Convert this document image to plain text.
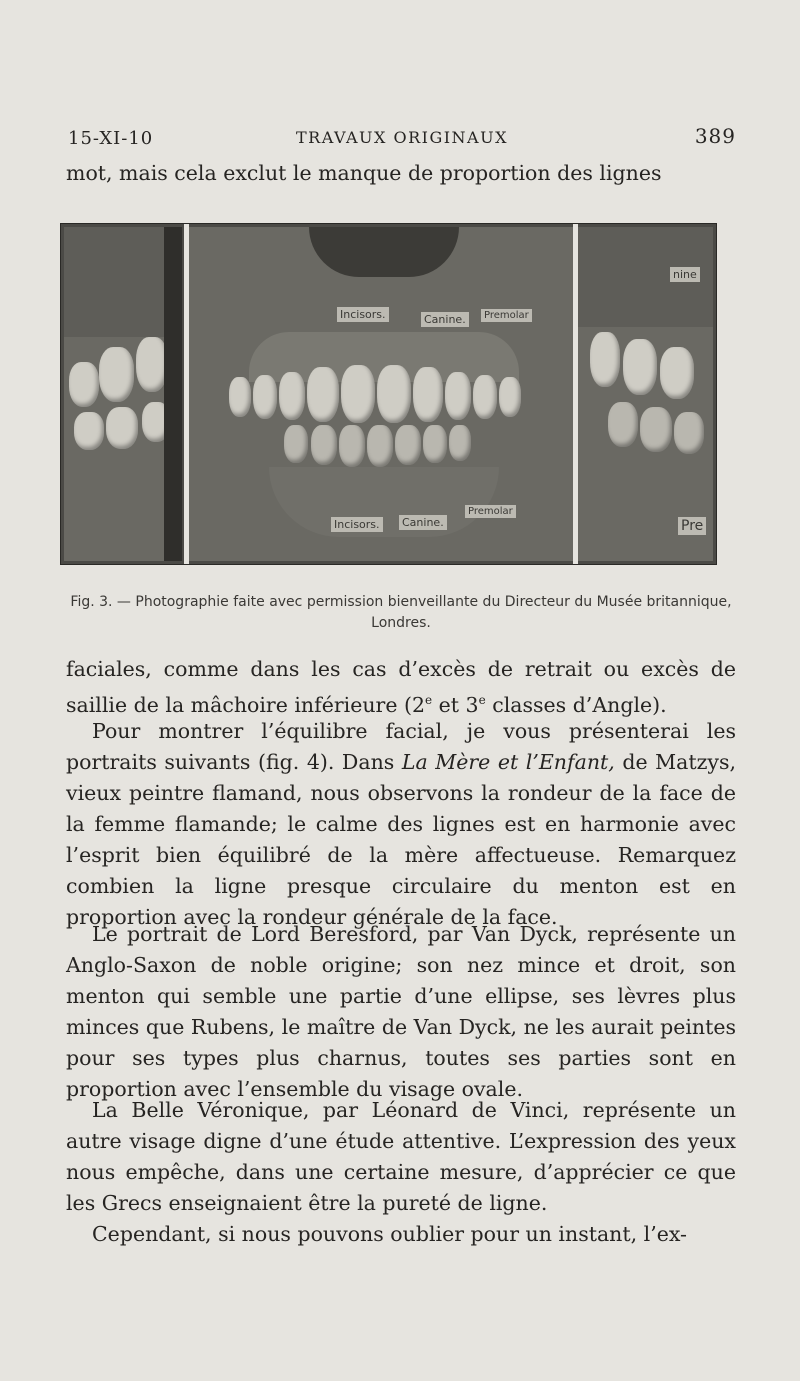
15-XI-10	TRAVAUX ORIGINAUX	389

mot, mais cela exclut le manque de proportion des lignes

Incisors.	Canine.	Premolar
Incisors. Canine.
Premolar
nine
Pre
Fig. 3. — Photographie faite avec permission bienveillante du Directeur du Musée britannique, Londres.

faciales, comme dans les cas d’excès de retrait ou excès de saillie de la mâchoire inférieure (2e et 3e classes d’Angle).

Pour montrer l’équilibre facial, je vous présenterai les portraits suivants (fig. 4). Dans La Mère et l’Enfant, de Matzys, vieux peintre flamand, nous observons la rondeur de la face de la femme flamande; le calme des lignes est en harmonie avec l’esprit bien équilibré de la mère affectueuse. Remarquez combien la ligne presque circulaire du menton est en proportion avec la rondeur générale de la face.

Le portrait de Lord Beresford, par Van Dyck, représente un Anglo-Saxon de noble origine; son nez mince et droit, son menton qui semble une partie d’une ellipse, ses lèvres plus minces que Rubens, le maître de Van Dyck, ne les aurait peintes pour ses types plus charnus, toutes ses parties sont en proportion avec l’ensemble du visage ovale.

La Belle Véronique, par Léonard de Vinci, représente un autre visage digne d’une étude attentive. L’expression des yeux nous empêche, dans une certaine mesure, d’apprécier ce que les Grecs enseignaient être la pureté de ligne.

Cependant, si nous pouvons oublier pour un instant, l’ex-
